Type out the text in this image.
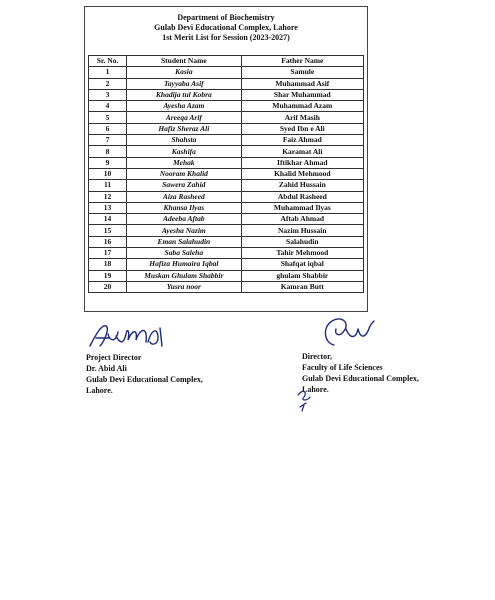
Department of Biochemistry
Gulab Devi Educational Complex, Lahore
1st Merit List for Session (2023-2027)
Sr. No.	Student Name	Father Name
1	Kasia	Samule
2	Tayyaba Asif	Muhammad Asif
3	Khadija tul Kobra	Shar Muhammad
4	Ayesha Azam	Muhammad Azam
5	Areeqa Arif	Arif Masih
6	Hafiz Sheraz Ali	Syed Ibn e Ali
7	Shahsta	Faiz Ahmad
8	Kashifa	Karamat Ali
9	Mehak	Iftikhar Ahmad
10	Nooram Khalid	Khalid Mehmood
11	Sawera Zahid	Zahid Hussain
12	Aiza Rasheed	Abdul Rasheed
13	Khansa Ilyas	Muhammad Ilyas
14	Adeeba Aftab	Aftab Ahmad
15	Ayesha Nazim	Nazim Hussain
16	Eman Salahudin	Salahudin
17	Saba Saleha	Tahir Mehmood
18	Hafiza Humaira Iqbal	Shafqat iqbal
19	Muskan Ghulam Shabbir	ghulam Shabbir
20	Yusra noor	Kamran Butt
Project Director
Dr. Abid Ali
Gulab Devi Educational Complex,
Lahore.
Director,
Faculty of Life Sciences
Gulab Devi Educational Complex,
Lahore.
